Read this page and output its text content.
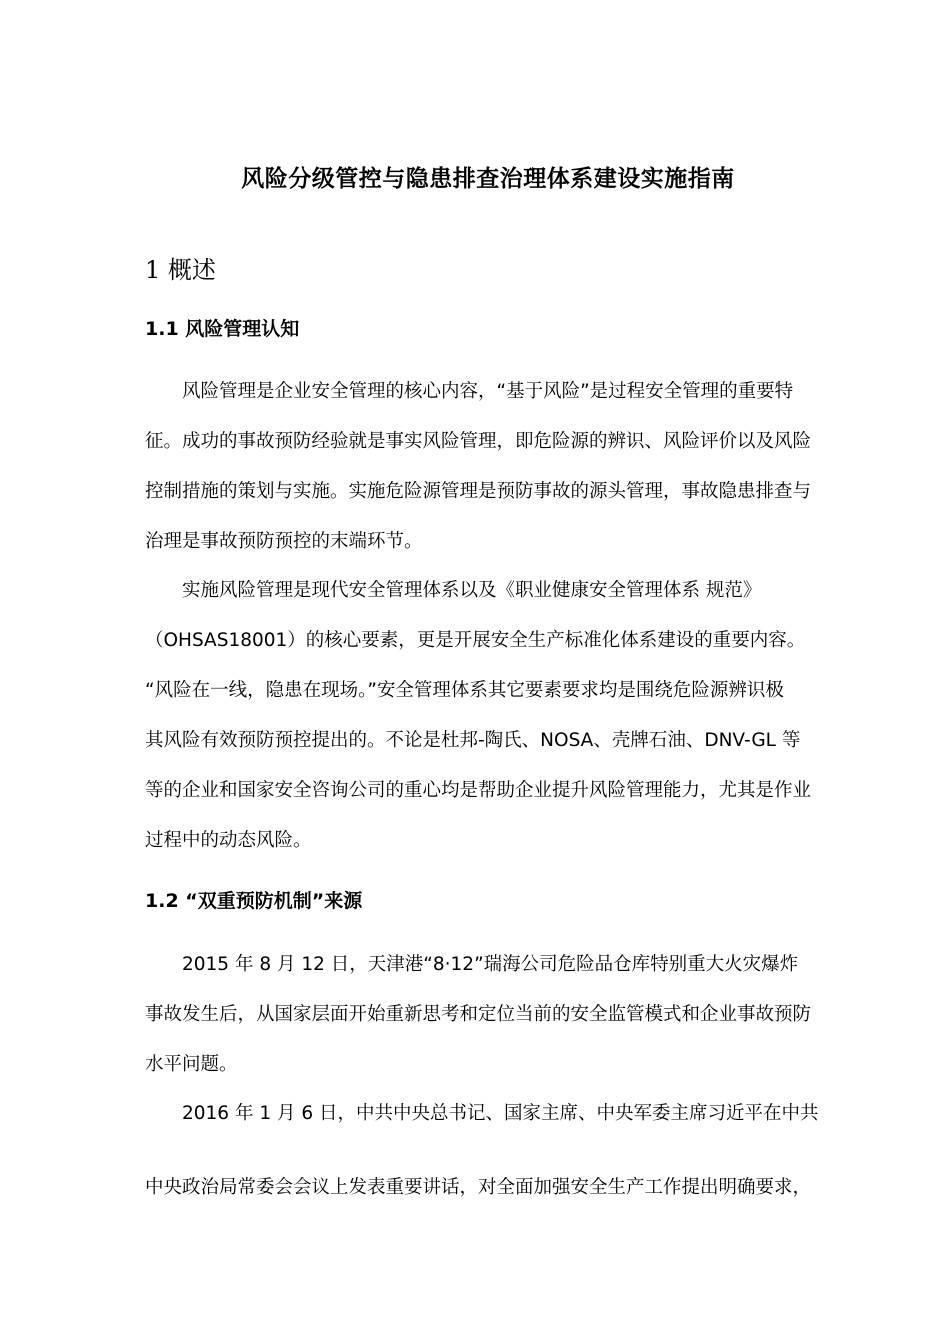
风险分级管控与隐患排查治理体系建设实施指南
1 概述
1.1 风险管理认知
风险管理是企业安全管理的核心内容，“基于风险”是过程安全管理的重要特
征。成功的事故预防经验就是事实风险管理，即危险源的辨识、风险评价以及风险
控制措施的策划与实施。实施危险源管理是预防事故的源头管理，事故隐患排查与
治理是事故预防预控的末端环节。
实施风险管理是现代安全管理体系以及《职业健康安全管理体系 规范》
（OHSAS18001）的核心要素，更是开展安全生产标准化体系建设的重要内容。
“风险在一线，隐患在现场。”安全管理体系其它要素要求均是围绕危险源辨识极
其风险有效预防预控提出的。不论是杜邦-陶氏、NOSA、壳牌石油、DNV-GL 等
等的企业和国家安全咨询公司的重心均是帮助企业提升风险管理能力，尤其是作业
过程中的动态风险。
1.2 “双重预防机制”来源
2015 年 8 月 12 日，天津港“8·12”瑞海公司危险品仓库特别重大火灾爆炸
事故发生后，从国家层面开始重新思考和定位当前的安全监管模式和企业事故预防
水平问题。
2016 年 1 月 6 日，中共中央总书记、国家主席、中央军委主席习近平在中共
中央政治局常委会会议上发表重要讲话，对全面加强安全生产工作提出明确要求，
